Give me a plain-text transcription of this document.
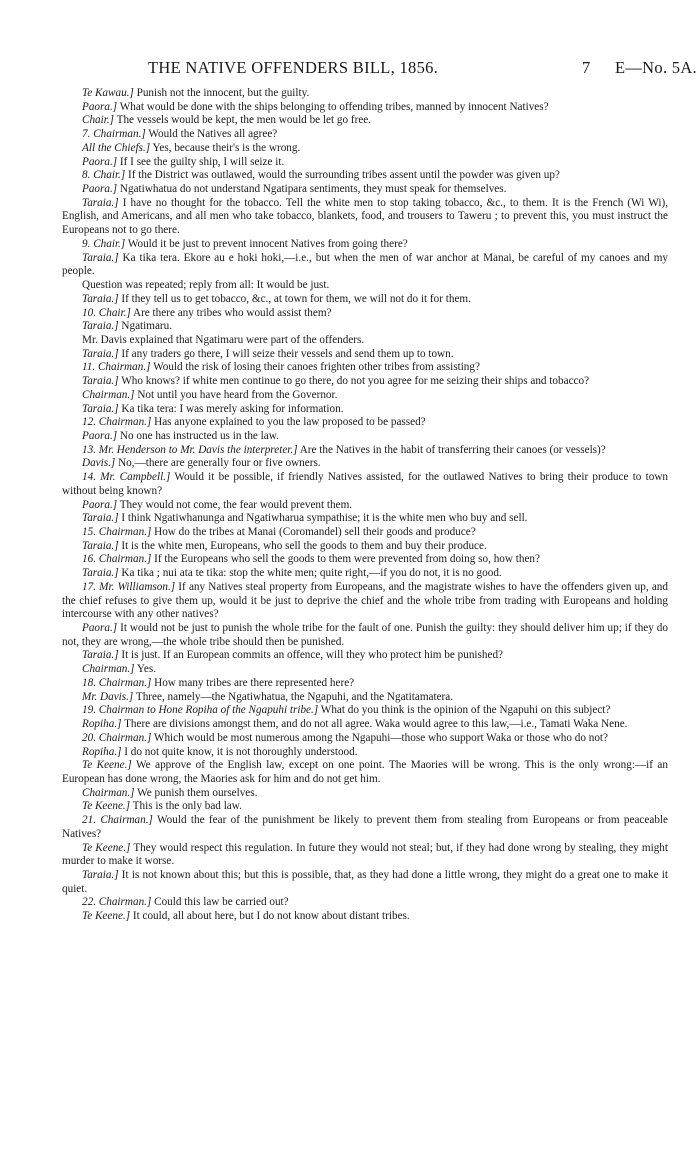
THE NATIVE OFFENDERS BILL, 1856.	7 E—No. 5A.

Te Kawau.] Punish not the innocent, but the guilty.

Paora.] What would be done with the ships belonging to offending tribes, manned by innocent Natives?

Chair.] The vessels would be kept, the men would be let go free.

7. Chairman.] Would the Natives all agree?

All the Chiefs.] Yes, because their's is the wrong.

Paora.] If I see the guilty ship, I will seize it.

8. Chair.] If the District was outlawed, would the surrounding tribes assent until the powder was given up?

Paora.] Ngatiwhatua do not understand Ngatipara sentiments, they must speak for themselves.

Taraia.] I have no thought for the tobacco. Tell the white men to stop taking tobacco, &c., to them. It is the French (Wi Wi), English, and Americans, and all men who take tobacco, blankets, food, and trousers to Taweru ; to prevent this, you must instruct the Europeans not to go there.

9. Chair.] Would it be just to prevent innocent Natives from going there?

Taraia.] Ka tika tera. Ekore au e hoki hoki,—i.e., but when the men of war anchor at Manai, be careful of my canoes and my people.

Question was repeated; reply from all: It would be just.

Taraia.] If they tell us to get tobacco, &c., at town for them, we will not do it for them.

10. Chair.] Are there any tribes who would assist them?

Taraia.] Ngatimaru.

Mr. Davis explained that Ngatimaru were part of the offenders.

Taraia.] If any traders go there, I will seize their vessels and send them up to town.

11. Chairman.] Would the risk of losing their canoes frighten other tribes from assisting?

Taraia.] Who knows? if white men continue to go there, do not you agree for me seizing their ships and tobacco?

Chairman.] Not until you have heard from the Governor.

Taraia.] Ka tika tera: I was merely asking for information.

12. Chairman.] Has anyone explained to you the law proposed to be passed?

Paora.] No one has instructed us in the law.

13. Mr. Henderson to Mr. Davis the interpreter.] Are the Natives in the habit of transferring their canoes (or vessels)?

Davis.] No,—there are generally four or five owners.

14. Mr. Campbell.] Would it be possible, if friendly Natives assisted, for the outlawed Natives to bring their produce to town without being known?

Paora.] They would not come, the fear would prevent them.

Taraia.] I think Ngatiwhanunga and Ngatiwharua sympathise; it is the white men who buy and sell.

15. Chairman.] How do the tribes at Manai (Coromandel) sell their goods and produce?

Taraia.] It is the white men, Europeans, who sell the goods to them and buy their produce.

16. Chairman.] If the Europeans who sell the goods to them were prevented from doing so, how then?

Taraia.] Ka tika ; nui ata te tika: stop the white men; quite right,—if you do not, it is no good.

17. Mr. Williamson.] If any Natives steal property from Europeans, and the magistrate wishes to have the offenders given up, and the chief refuses to give them up, would it be just to deprive the chief and the whole tribe from trading with Europeans and holding intercourse with any other natives?

Paora.] It would not be just to punish the whole tribe for the fault of one. Punish the guilty: they should deliver him up; if they do not, they are wrong,—the whole tribe should then be punished.

Taraia.] It is just. If an European commits an offence, will they who protect him be punished?

Chairman.] Yes.

18. Chairman.] How many tribes are there represented here?

Mr. Davis.] Three, namely—the Ngatiwhatua, the Ngapuhi, and the Ngatitamatera.

19. Chairman to Hone Ropiha of the Ngapuhi tribe.] What do you think is the opinion of the Ngapuhi on this subject?

Ropiha.] There are divisions amongst them, and do not all agree. Waka would agree to this law,—i.e., Tamati Waka Nene.

20. Chairman.] Which would be most numerous among the Ngapuhi—those who support Waka or those who do not?

Ropiha.] I do not quite know, it is not thoroughly understood.

Te Keene.] We approve of the English law, except on one point. The Maories will be wrong. This is the only wrong:—if an European has done wrong, the Maories ask for him and do not get him.

Chairman.] We punish them ourselves.

Te Keene.] This is the only bad law.

21. Chairman.] Would the fear of the punishment be likely to prevent them from stealing from Europeans or from peaceable Natives?

Te Keene.] They would respect this regulation. In future they would not steal; but, if they had done wrong by stealing, they might murder to make it worse.

Taraia.] It is not known about this; but this is possible, that, as they had done a little wrong, they might do a great one to make it quiet.

22. Chairman.] Could this law be carried out?

Te Keene.] It could, all about here, but I do not know about distant tribes.
